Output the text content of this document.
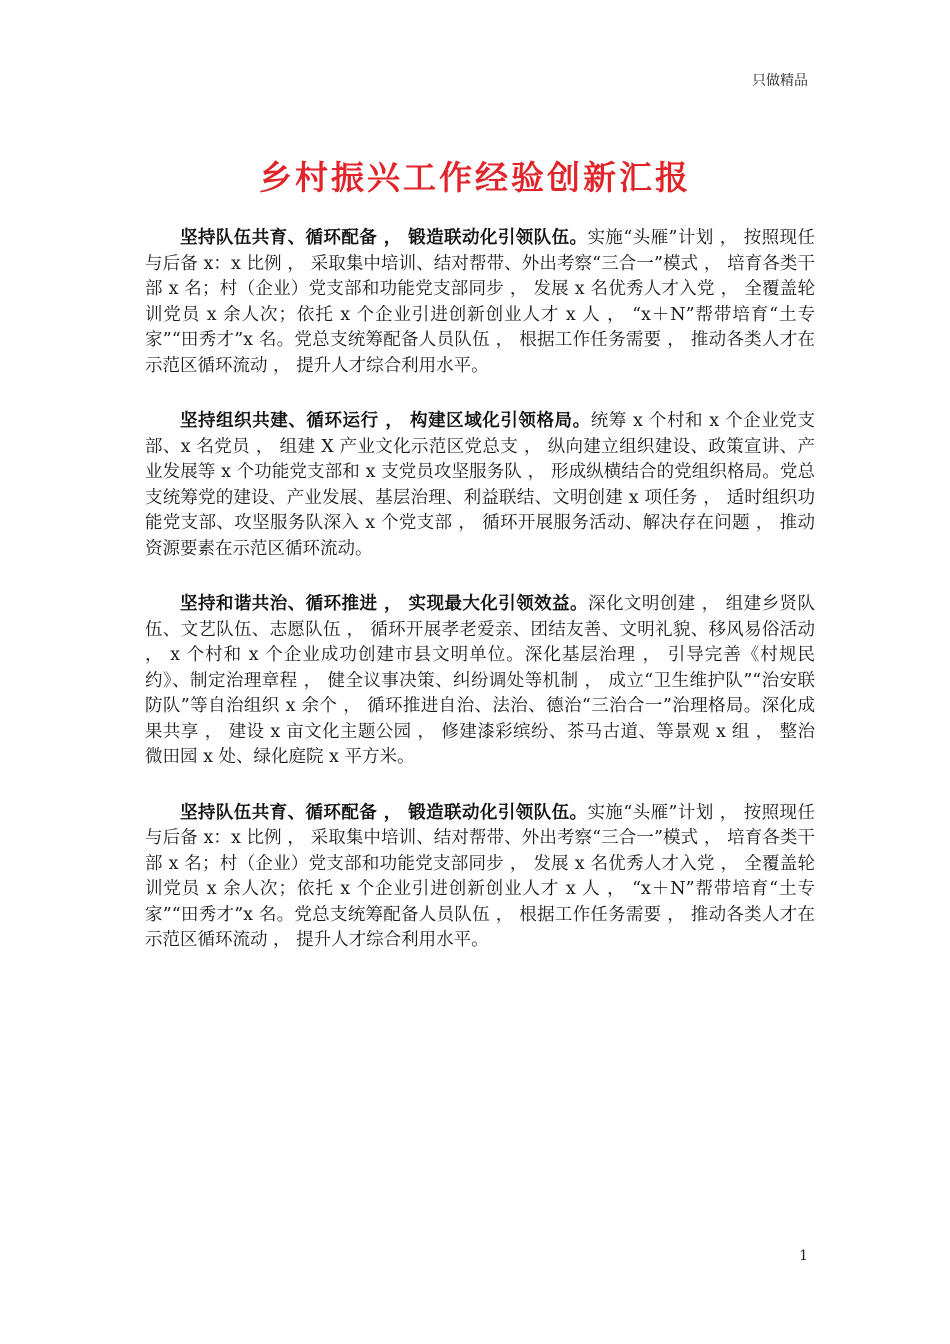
只做精品
乡村振兴工作经验创新汇报

坚持队伍共育、循环配备 ， 锻造联动化引领队伍。实施“头雁”计划 ， 按照现任与后备 x：x 比例 ， 采取集中培训、结对帮带、外出考察“三合一”模式 ， 培育各类干部 x 名；村（企业）党支部和功能党支部同步 ， 发展 x 名优秀人才入党 ， 全覆盖轮训党员 x 余人次；依托 x 个企业引进创新创业人才 x 人 ， “x＋N”帮带培育“土专家”“田秀才”x 名。党总支统筹配备人员队伍 ， 根据工作任务需要 ， 推动各类人才在示范区循环流动 ， 提升人才综合利用水平。

坚持组织共建、循环运行 ， 构建区域化引领格局。统筹 x 个村和 x 个企业党支部、x 名党员 ， 组建 X 产业文化示范区党总支 ， 纵向建立组织建设、政策宣讲、产业发展等 x 个功能党支部和 x 支党员攻坚服务队 ， 形成纵横结合的党组织格局。党总支统筹党的建设、产业发展、基层治理、利益联结、文明创建 x 项任务 ， 适时组织功能党支部、攻坚服务队深入 x 个党支部 ， 循环开展服务活动、解决存在问题 ， 推动资源要素在示范区循环流动。

坚持和谐共治、循环推进 ， 实现最大化引领效益。深化文明创建 ， 组建乡贤队伍、文艺队伍、志愿队伍 ， 循环开展孝老爱亲、团结友善、文明礼貌、移风易俗活动 ， x 个村和 x 个企业成功创建市县文明单位。深化基层治理 ， 引导完善《村规民约》、制定治理章程 ， 健全议事决策、纠纷调处等机制 ， 成立“卫生维护队”“治安联防队”等自治组织 x 余个 ， 循环推进自治、法治、德治“三治合一”治理格局。深化成果共享 ， 建设 x 亩文化主题公园 ， 修建漆彩缤纷、茶马古道、等景观 x 组 ， 整治微田园 x 处、绿化庭院 x 平方米。

坚持队伍共育、循环配备 ， 锻造联动化引领队伍。实施“头雁”计划 ， 按照现任与后备 x：x 比例 ， 采取集中培训、结对帮带、外出考察“三合一”模式 ， 培育各类干部 x 名；村（企业）党支部和功能党支部同步 ， 发展 x 名优秀人才入党 ， 全覆盖轮训党员 x 余人次；依托 x 个企业引进创新创业人才 x 人 ， “x＋N”帮带培育“土专家”“田秀才”x 名。党总支统筹配备人员队伍 ， 根据工作任务需要 ， 推动各类人才在示范区循环流动 ， 提升人才综合利用水平。

1
